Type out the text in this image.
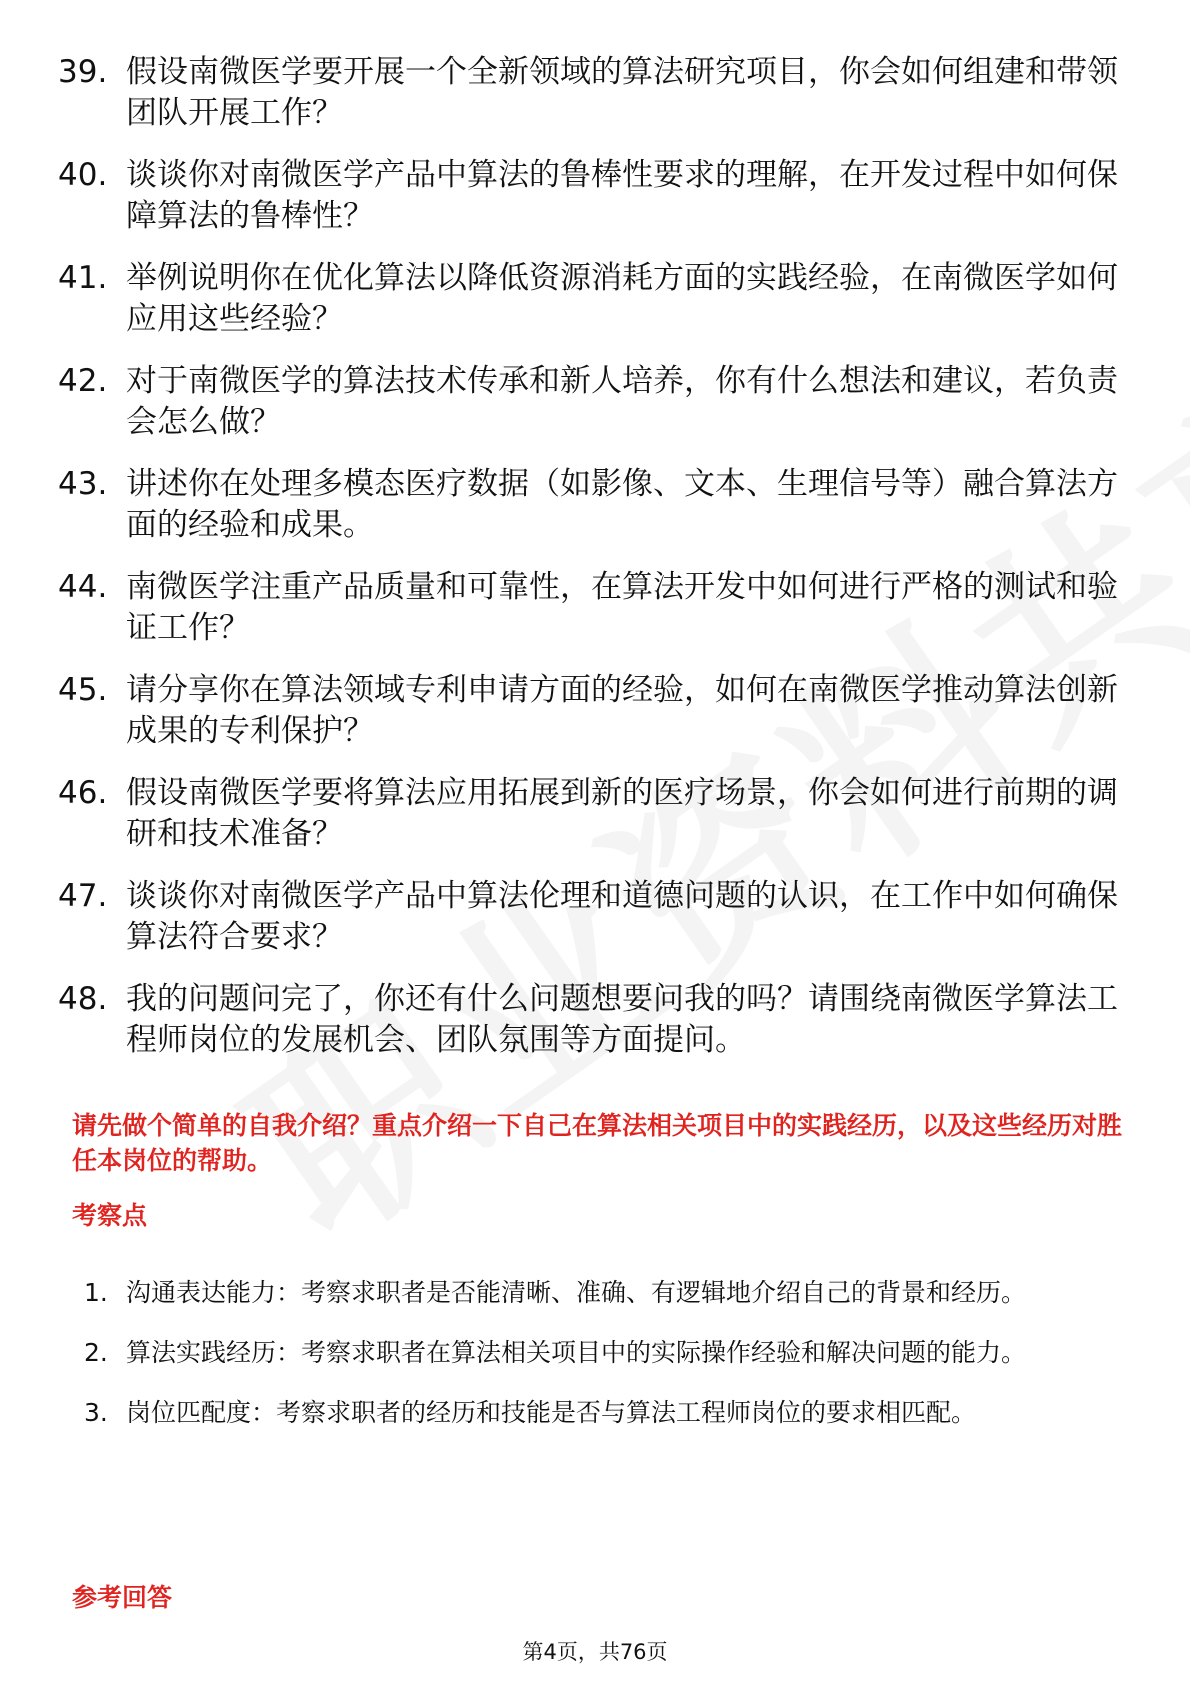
39. 假设南微医学要开展一个全新领域的算法研究项目，你会如何组建和带领团队开展工作？
40. 谈谈你对南微医学产品中算法的鲁棒性要求的理解，在开发过程中如何保障算法的鲁棒性？
41. 举例说明你在优化算法以降低资源消耗方面的实践经验，在南微医学如何应用这些经验？
42. 对于南微医学的算法技术传承和新人培养，你有什么想法和建议，若负责会怎么做？
43. 讲述你在处理多模态医疗数据（如影像、文本、生理信号等）融合算法方面的经验和成果。
44. 南微医学注重产品质量和可靠性，在算法开发中如何进行严格的测试和验证工作？
45. 请分享你在算法领域专利申请方面的经验，如何在南微医学推动算法创新成果的专利保护？
46. 假设南微医学要将算法应用拓展到新的医疗场景，你会如何进行前期的调研和技术准备？
47. 谈谈你对南微医学产品中算法伦理和道德问题的认识，在工作中如何确保算法符合要求？
48. 我的问题问完了，你还有什么问题想要问我的吗？请围绕南微医学算法工程师岗位的发展机会、团队氛围等方面提问。
请先做个简单的自我介绍？重点介绍一下自己在算法相关项目中的实践经历，以及这些经历对胜任本岗位的帮助。
考察点
1. 沟通表达能力：考察求职者是否能清晰、准确、有逻辑地介绍自己的背景和经历。
2. 算法实践经历：考察求职者在算法相关项目中的实际操作经验和解决问题的能力。
3. 岗位匹配度：考察求职者的经历和技能是否与算法工程师岗位的要求相匹配。
参考回答
第4页，共76页
